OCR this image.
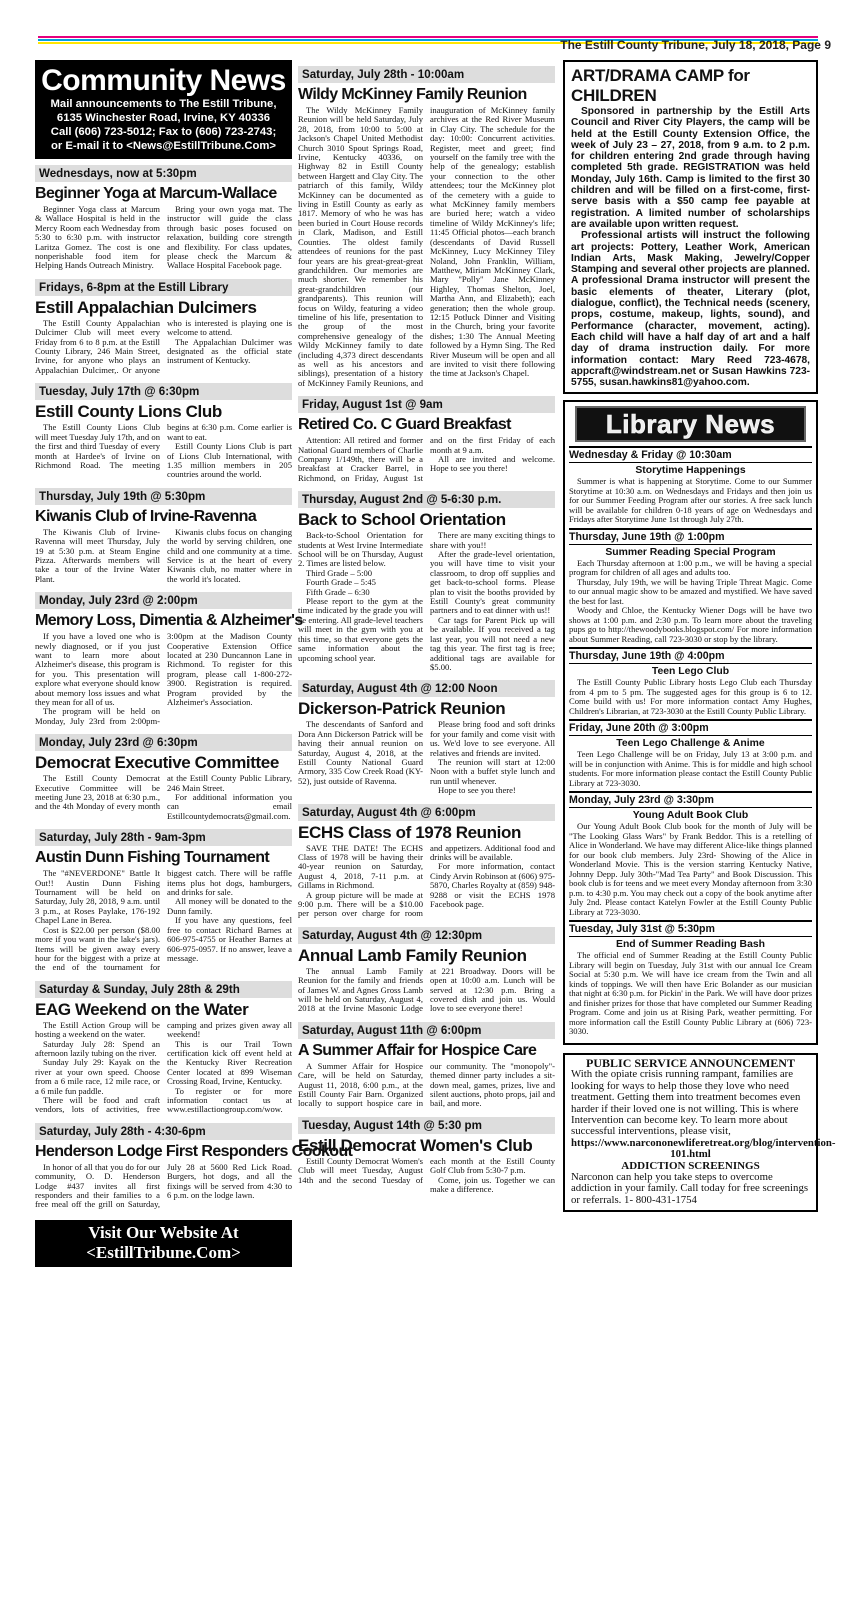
The Estill County Tribune, July 18, 2018, Page 9
Community News
Mail announcements to The Estill Tribune,
6135 Winchester Road, Irvine, KY 40336
Call (606) 723-5012; Fax to (606) 723-2743;
or E-mail it to <News@EstillTribune.Com>
Wednesdays, now at 5:30pm
Beginner Yoga at Marcum-Wallace

Beginner Yoga class at Marcum & Wallace Hospital is held in the Mercy Room each Wednesday from 5:30 to 6:30 p.m. with instructor Laritza Gomez. The cost is one nonperishable food item for Helping Hands Outreach Ministry.

Bring your own yoga mat. The instructor will guide the class through basic poses focused on relaxation, building core strength and flexibility. For class updates, please check the Marcum & Wallace Hospital Facebook page.

Fridays, 6-8pm at the Estill Library
Estill Appalachian Dulcimers

The Estill County Appalachian Dulcimer Club will meet every Friday from 6 to 8 p.m. at the Estill County Library, 246 Main Street, Irvine, for anyone who plays an Appalachian Dulcimer,. Or anyone who is interested is playing one is welcome to attend.

The Appalachian Dulcimer was designated as the official state instrument of Kentucky.

Tuesday, July 17th @ 6:30pm
Estill County Lions Club

The Estill County Lions Club will meet Tuesday July 17th, and on the first and third Tuesday of every month at Hardee's of Irvine on Richmond Road. The meeting begins at 6:30 p.m. Come earlier is want to eat.

Estill County Lions Club is part of Lions Club International, with 1.35 million members in 205 countries around the world.

Thursday, July 19th @ 5:30pm
Kiwanis Club of Irvine-Ravenna

The Kiwanis Club of Irvine-Ravenna will meet Thursday, July 19 at 5:30 p.m. at Steam Engine Pizza. Afterwards members will take a tour of the Irvine Water Plant.

Kiwanis clubs focus on changing the world by serving children, one child and one community at a time. Service is at the heart of every Kiwanis club, no matter where in the world it's located.

Monday, July 23rd @ 2:00pm
Memory Loss, Dimentia & Alzheimer's

If you have a loved one who is newly diagnosed, or if you just want to learn more about Alzheimer's disease, this program is for you. This presentation will explore what everyone should know about memory loss issues and what they mean for all of us.

The program will be held on Monday, July 23rd from 2:00pm-3:00pm at the Madison County Cooperative Extension Office located at 230 Duncannon Lane in Richmond. To register for this program, please call 1-800-272-3900. Registration is required. Program provided by the Alzheimer's Association.

Monday, July 23rd @ 6:30pm
Democrat Executive Committee

The Estill County Democrat Executive Committee will be meeting June 23, 2018 at 6:30 p.m., and the 4th Monday of every month at the Estill County Public Library, 246 Main Street.

For additional information you can email Estillcountydemocrats@gmail.com.

Saturday, July 28th - 9am-3pm
Austin Dunn Fishing Tournament

The "#NEVERDONE" Battle It Out!! Austin Dunn Fishing Tournament will be held on Saturday, July 28, 2018, 9 a.m. until 3 p.m., at Roses Paylake, 176-192 Chapel Lane in Berea.

Cost is $22.00 per person ($8.00 more if you want in the lake's jars). Items will be given away every hour for the biggest with a prize at the end of the tournament for biggest catch. There will be raffle items plus hot dogs, hamburgers, and drinks for sale.

All money will be donated to the Dunn family.

If you have any questions, feel free to contact Richard Barnes at 606-975-4755 or Heather Barnes at 606-975-0957. If no answer, leave a message.

Saturday & Sunday, July 28th & 29th
EAG Weekend on the Water

The Estill Action Group will be hosting a weekend on the water.

Saturday July 28: Spend an afternoon lazily tubing on the river.

Sunday July 29: Kayak on the river at your own speed. Choose from a 6 mile race, 12 mile race, or a 6 mile fun paddle.

There will be food and craft vendors, lots of activities, free camping and prizes given away all weekend!

This is our Trail Town certification kick off event held at the Kentucky River Recreation Center located at 899 Wiseman Crossing Road, Irvine, Kentucky.

To register or for more information contact us at www.estillactiongroup.com/wow.

Saturday, July 28th - 4:30-6pm
Henderson Lodge First Responders Cookout

In honor of all that you do for our community, O. D. Henderson Lodge #437 invites all first responders and their families to a free meal off the grill on Saturday, July 28 at 5600 Red Lick Road. Burgers, hot dogs, and all the fixings will be served from 4:30 to 6 p.m. on the lodge lawn.

Visit Our Website At
<EstillTribune.Com>
Saturday, July 28th - 10:00am
Wildy McKinney Family Reunion

The Wildy McKinney Family Reunion will be held Saturday, July 28, 2018, from 10:00 to 5:00 at Jackson's Chapel United Methodist Church 3010 Spout Springs Road, Irvine, Kentucky 40336, on Highway 82 in Estill County between Hargett and Clay City. The patriarch of this family, Wildy McKinney can be documented as living in Estill County as early as 1817. Memory of who he was has been buried in Court House records in Clark, Madison, and Estill Counties. The oldest family attendees of reunions for the past four years are his great-great-great grandchildren. Our memories are much shorter. We remember his great-grandchildren (our grandparents). This reunion will focus on Wildy, featuring a video timeline of his life, presentation to the group of the most comprehensive genealogy of the Wildy McKinney family to date (including 4,373 direct descendants as well as his ancestors and siblings), presentation of a history of McKinney Family Reunions, and inauguration of McKinney family archives at the Red River Museum in Clay City. The schedule for the day: 10:00: Concurrent activities. Register, meet and greet; find yourself on the family tree with the help of the genealogy; establish your connection to the other attendees; tour the McKinney plot of the cemetery with a guide to what McKinney family members are buried here; watch a video timeline of Wildy McKinney's life; 11:45 Official photos—each branch (descendants of David Russell McKinney, Lucy McKinney Tiley Noland, John Franklin, William, Matthew, Miriam McKinney Clark, Mary "Polly" Jane McKinney Highley, Thomas Shelton, Joel, Martha Ann, and Elizabeth); each generation; then the whole group. 12:15 Potluck Dinner and Visiting in the Church, bring your favorite dishes; 1:30 The Annual Meeting followed by a Hymn Sing. The Red River Museum will be open and all are invited to visit there following the time at Jackson's Chapel.

Friday, August 1st @ 9am
Retired Co. C Guard Breakfast

Attention: All retired and former National Guard members of Charlie Company 1/149th, there will be a breakfast at Cracker Barrel, in Richmond, on Friday, August 1st and on the first Friday of each month at 9 a.m.

All are invited and welcome. Hope to see you there!

Thursday, August 2nd @ 5-6:30 p.m.
Back to School Orientation

Back-to-School Orientation for students at West Irvine Intermediate School will be on Thursday, August 2. Times are listed below.

Third Grade – 5:00

Fourth Grade – 5:45

Fifth Grade – 6:30

Please report to the gym at the time indicated by the grade you will be entering. All grade-level teachers will meet in the gym with you at this time, so that everyone gets the same information about the upcoming school year.

There are many exciting things to share with you!!

After the grade-level orientation, you will have time to visit your classroom, to drop off supplies and get back-to-school forms. Please plan to visit the booths provided by Estill County's great community partners and to eat dinner with us!!

Car tags for Parent Pick up will be available. If you received a tag last year, you will not need a new tag this year. The first tag is free; additional tags are available for $5.00.

Saturday, August 4th @ 12:00 Noon
Dickerson-Patrick Reunion

The descendants of Sanford and Dora Ann Dickerson Patrick will be having their annual reunion on Saturday, August 4, 2018, at the Estill County National Guard Armory, 335 Cow Creek Road (KY-52), just outside of Ravenna.

Please bring food and soft drinks for your family and come visit with us. We'd love to see everyone. All relatives and friends are invited.

The reunion will start at 12:00 Noon with a buffet style lunch and run until whenever.

Hope to see you there!

Saturday, August 4th @ 6:00pm
ECHS Class of 1978 Reunion

SAVE THE DATE! The ECHS Class of 1978 will be having their 40-year reunion on Saturday, August 4, 2018, 7-11 p.m. at Gillams in Richmond.

A group picture will be made at 9:00 p.m. There will be a $10.00 per person over charge for room and appetizers. Additional food and drinks will be available.

For more information, contact Cindy Arvin Robinson at (606) 975-5870, Charles Royalty at (859) 948-9288 or visit the ECHS 1978 Facebook page.

Saturday, August 4th @ 12:30pm
Annual Lamb Family Reunion

The annual Lamb Family Reunion for the family and friends of James W. and Agnes Gross Lamb will be held on Saturday, August 4, 2018 at the Irvine Masonic Lodge at 221 Broadway. Doors will be open at 10:00 a.m. Lunch will be served at 12:30 p.m. Bring a covered dish and join us. Would love to see everyone there!

Saturday, August 11th @ 6:00pm
A Summer Affair for Hospice Care

A Summer Affair for Hospice Care, will be held on Saturday, August 11, 2018, 6:00 p.m., at the Estill County Fair Barn. Organized locally to support hospice care in our community. The "monopoly"-themed dinner party includes a sit-down meal, games, prizes, live and silent auctions, photo props, jail and bail, and more.

Tuesday, August 14th @ 5:30 pm
Estill Democrat Women's Club

Estill County Democrat Women's Club will meet Tuesday, August 14th and the second Tuesday of each month at the Estill County Golf Club from 5:30-7 p.m.

Come, join us. Together we can make a difference.

ART/DRAMA CAMP for CHILDREN

Sponsored in partnership by the Estill Arts Council and River City Players, the camp will be held at the Estill County Extension Office, the week of July 23 – 27, 2018, from 9 a.m. to 2 p.m. for children entering 2nd grade through having completed 5th grade. REGISTRATION was held Monday, July 16th. Camp is limited to the first 30 children and will be filled on a first-come, first-serve basis with a $50 camp fee payable at registration. A limited number of scholarships are available upon written request.

Professional artists will instruct the following art projects: Pottery, Leather Work, American Indian Arts, Mask Making, Jewelry/Copper Stamping and several other projects are planned. A professional Drama instructor will present the basic elements of theater, Literary (plot, dialogue, conflict), the Technical needs (scenery, props, costume, makeup, lights, sound), and Performance (character, movement, acting). Each child will have a half day of art and a half day of drama instruction daily. For more information contact: Mary Reed 723-4678, appcraft@windstream.net or Susan Hawkins 723-5755, susan.hawkins81@yahoo.com.

Library News
Wednesday & Friday @ 10:30am
Storytime Happenings

Summer is what is happening at Storytime. Come to our Summer Storytime at 10:30 a.m. on Wednesdays and Fridays and then join us for our Summer Feeding Program after our stories. A free sack lunch will be available for children 0-18 years of age on Wednesdays and Fridays after Storytime June 1st through July 27th.

Thursday, June 19th @ 1:00pm
Summer Reading Special Program

Each Thursday afternoon at 1:00 p.m., we will be having a special program for children of all ages and adults too.

Thursday, July 19th, we will be having Triple Threat Magic. Come to our annual magic show to be amazed and mystified. We have saved the best for last.

Woody and Chloe, the Kentucky Wiener Dogs will be have two shows at 1:00 p.m. and 2:30 p.m. To learn more about the traveling pups go to http://thewoodybooks.blogspot.com/ For more information about Summer Reading, call 723-3030 or stop by the library.

Thursday, June 19th @ 4:00pm
Teen Lego Club

The Estill County Public Library hosts Lego Club each Thursday from 4 pm to 5 pm. The suggested ages for this group is 6 to 12. Come build with us! For more information contact Amy Hughes, Children's Librarian, at 723-3030 at the Estill County Public Library.

Friday, June 20th @ 3:00pm
Teen Lego Challenge & Anime

Teen Lego Challenge will be on Friday, July 13 at 3:00 p.m. and will be in conjunction with Anime. This is for middle and high school students. For more information please contact the Estill County Public Library at 723-3030.

Monday, July 23rd @ 3:30pm
Young Adult Book Club

Our Young Adult Book Club book for the month of July will be "The Looking Glass Wars" by Frank Beddor. This is a retelling of Alice in Wonderland. We have may different Alice-like things planned for our book club members. July 23rd- Showing of the Alice in Wonderland Movie. This is the version starring Kentucky Native, Johnny Depp. July 30th-"Mad Tea Party" and Book Discussion. This book club is for teens and we meet every Monday afternoon from 3:30 p.m. to 4:30 p.m. You may check out a copy of the book anytime after July 2nd. Please contact Katelyn Fowler at the Estill County Public Library at 723-3030.

Tuesday, July 31st @ 5:30pm
End of Summer Reading Bash

The official end of Summer Reading at the Estill County Public Library will begin on Tuesday, July 31st with our annual Ice Cream Social at 5:30 p.m. We will have ice cream from the Twin and all kinds of toppings. We will then have Eric Bolander as our musician that night at 6:30 p.m. for Pickin' in the Park. We will have door prizes and finisher prizes for those that have completed our Summer Reading Program. Come and join us at Rising Park, weather permitting. For more information call the Estill County Public Library at (606) 723-3030.

PUBLIC SERVICE ANNOUNCEMENT
With the opiate crisis running rampant, families are looking for ways to help those they love who need treatment. Getting them into treatment becomes even harder if their loved one is not willing. This is where Intervention can become key. To learn more about successful interventions, please visit,
https://www.narcononewliferetreat.org/blog/intervention-101.html
ADDICTION SCREENINGS
Narconon can help you take steps to overcome addiction in your family. Call today for free screenings or referrals. 1- 800-431-1754
